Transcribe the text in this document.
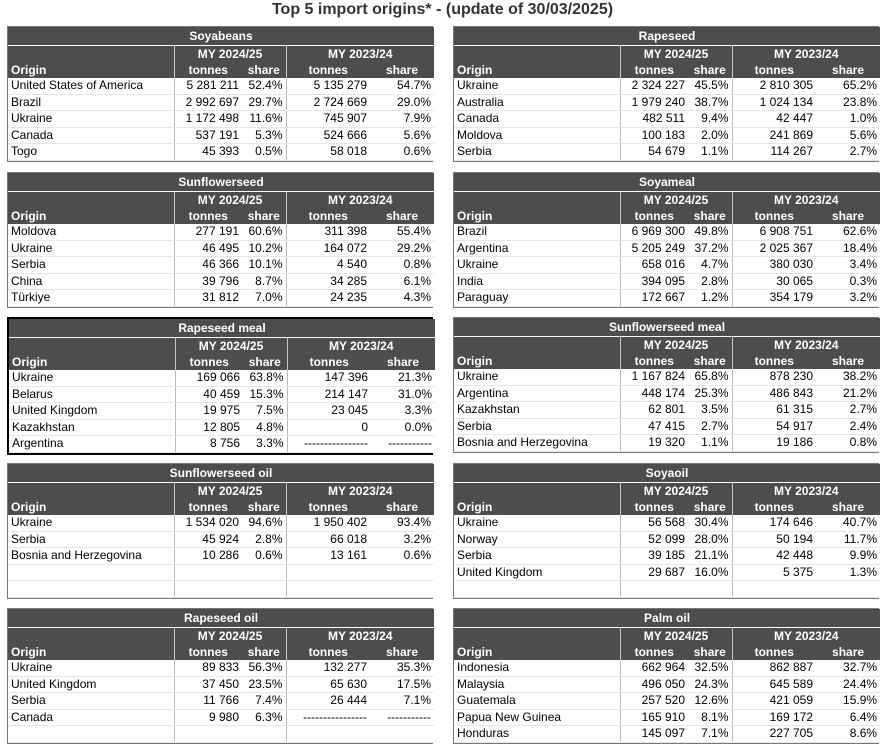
Top 5 import origins* - (update of 30/03/2025)
Soyabeans				
	MY 2024/25		MY 2023/24	
Origin	tonnes	share	tonnes	share
United States of America	5 281 211	52.4%	5 135 279	54.7%
Brazil	2 992 697	29.7%	2 724 669	29.0%
Ukraine	1 172 498	11.6%	745 907	7.9%
Canada	537 191	5.3%	524 666	5.6%
Togo	45 393	0.5%	58 018	0.6%
Rapeseed				
	MY 2024/25		MY 2023/24	
Origin	tonnes	share	tonnes	share
Ukraine	2 324 227	45.5%	2 810 305	65.2%
Australia	1 979 240	38.7%	1 024 134	23.8%
Canada	482 511	9.4%	42 447	1.0%
Moldova	100 183	2.0%	241 869	5.6%
Serbia	54 679	1.1%	114 267	2.7%
Sunflowerseed				
	MY 2024/25		MY 2023/24	
Origin	tonnes	share	tonnes	share
Moldova	277 191	60.6%	311 398	55.4%
Ukraine	46 495	10.2%	164 072	29.2%
Serbia	46 366	10.1%	4 540	0.8%
China	39 796	8.7%	34 285	6.1%
Türkiye	31 812	7.0%	24 235	4.3%
Soyameal				
	MY 2024/25		MY 2023/24	
Origin	tonnes	share	tonnes	share
Brazil	6 969 300	49.8%	6 908 751	62.6%
Argentina	5 205 249	37.2%	2 025 367	18.4%
Ukraine	658 016	4.7%	380 030	3.4%
India	394 095	2.8%	30 065	0.3%
Paraguay	172 667	1.2%	354 179	3.2%
Rapeseed meal				
	MY 2024/25		MY 2023/24	
Origin	tonnes	share	tonnes	share
Ukraine	169 066	63.8%	147 396	21.3%
Belarus	40 459	15.3%	214 147	31.0%
United Kingdom	19 975	7.5%	23 045	3.3%
Kazakhstan	12 805	4.8%	0	0.0%
Argentina	8 756	3.3%	----------------	-----------
Sunflowerseed meal				
	MY 2024/25		MY 2023/24	
Origin	tonnes	share	tonnes	share
Ukraine	1 167 824	65.8%	878 230	38.2%
Argentina	448 174	25.3%	486 843	21.2%
Kazakhstan	62 801	3.5%	61 315	2.7%
Serbia	47 415	2.7%	54 917	2.4%
Bosnia and Herzegovina	19 320	1.1%	19 186	0.8%
Sunflowerseed oil				
	MY 2024/25		MY 2023/24	
Origin	tonnes	share	tonnes	share
Ukraine	1 534 020	94.6%	1 950 402	93.4%
Serbia	45 924	2.8%	66 018	3.2%
Bosnia and Herzegovina	10 286	0.6%	13 161	0.6%

Soyaoil				
	MY 2024/25		MY 2023/24	
Origin	tonnes	share	tonnes	share
Ukraine	56 568	30.4%	174 646	40.7%
Norway	52 099	28.0%	50 194	11.7%
Serbia	39 185	21.1%	42 448	9.9%
United Kingdom	29 687	16.0%	5 375	1.3%

Rapeseed oil				
	MY 2024/25		MY 2023/24	
Origin	tonnes	share	tonnes	share
Ukraine	89 833	56.3%	132 277	35.3%
United Kingdom	37 450	23.5%	65 630	17.5%
Serbia	11 766	7.4%	26 444	7.1%
Canada	9 980	6.3%	----------------	-----------

Palm oil				
	MY 2024/25		MY 2023/24	
Origin	tonnes	share	tonnes	share
Indonesia	662 964	32.5%	862 887	32.7%
Malaysia	496 050	24.3%	645 589	24.4%
Guatemala	257 520	12.6%	421 059	15.9%
Papua New Guinea	165 910	8.1%	169 172	6.4%
Honduras	145 097	7.1%	227 705	8.6%
